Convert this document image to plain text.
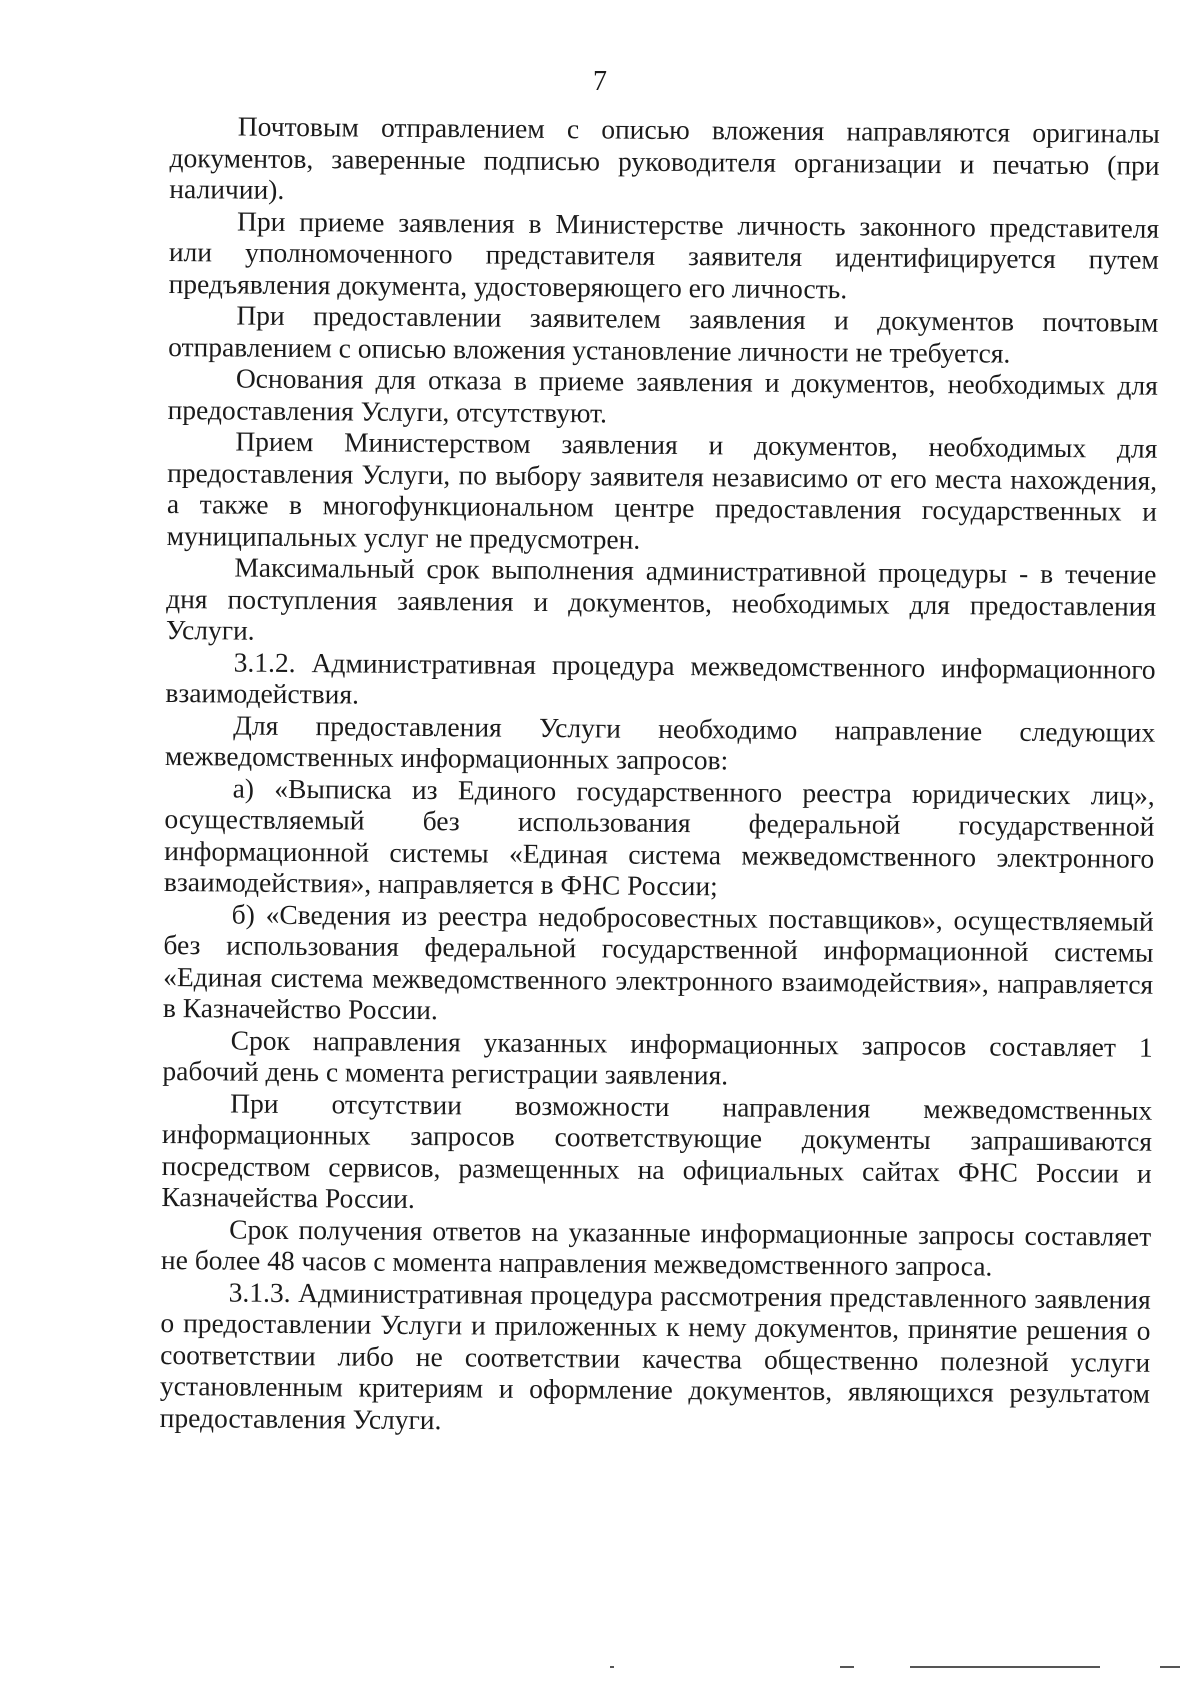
7

Почтовым отправлением с описью вложения направляются оригиналы документов, заверенные подписью руководителя организации и печатью (при наличии).

При приеме заявления в Министерстве личность законного представителя или уполномоченного представителя заявителя идентифицируется путем предъявления документа, удостоверяющего его личность.

При предоставлении заявителем заявления и документов почтовым отправлением с описью вложения установление личности не требуется.

Основания для отказа в приеме заявления и документов, необходимых для предоставления Услуги, отсутствуют.

Прием Министерством заявления и документов, необходимых для предоставления Услуги, по выбору заявителя независимо от его места нахождения, а также в многофункциональном центре предоставления государственных и муниципальных услуг не предусмотрен.

Максимальный срок выполнения административной процедуры - в течение дня поступления заявления и документов, необходимых для предоставления Услуги.

3.1.2. Административная процедура межведомственного информационного взаимодействия.

Для предоставления Услуги необходимо направление следующих межведомственных информационных запросов:

а) «Выписка из Единого государственного реестра юридических лиц», осуществляемый без использования федеральной государственной информационной системы «Единая система межведомственного электронного взаимодействия», направляется в ФНС России;

б) «Сведения из реестра недобросовестных поставщиков», осуществляемый без использования федеральной государственной информационной системы «Единая система межведомственного электронного взаимодействия», направляется в Казначейство России.

Срок направления указанных информационных запросов составляет 1 рабочий день с момента регистрации заявления.

При отсутствии возможности направления межведомственных информационных запросов соответствующие документы запрашиваются посредством сервисов, размещенных на официальных сайтах ФНС России и Казначейства России.

Срок получения ответов на указанные информационные запросы составляет не более 48 часов с момента направления межведомственного запроса.

3.1.3. Административная процедура рассмотрения представленного заявления о предоставлении Услуги и приложенных к нему документов, принятие решения о соответствии либо не соответствии качества общественно полезной услуги установленным критериям и оформление документов, являющихся результатом предоставления Услуги.
